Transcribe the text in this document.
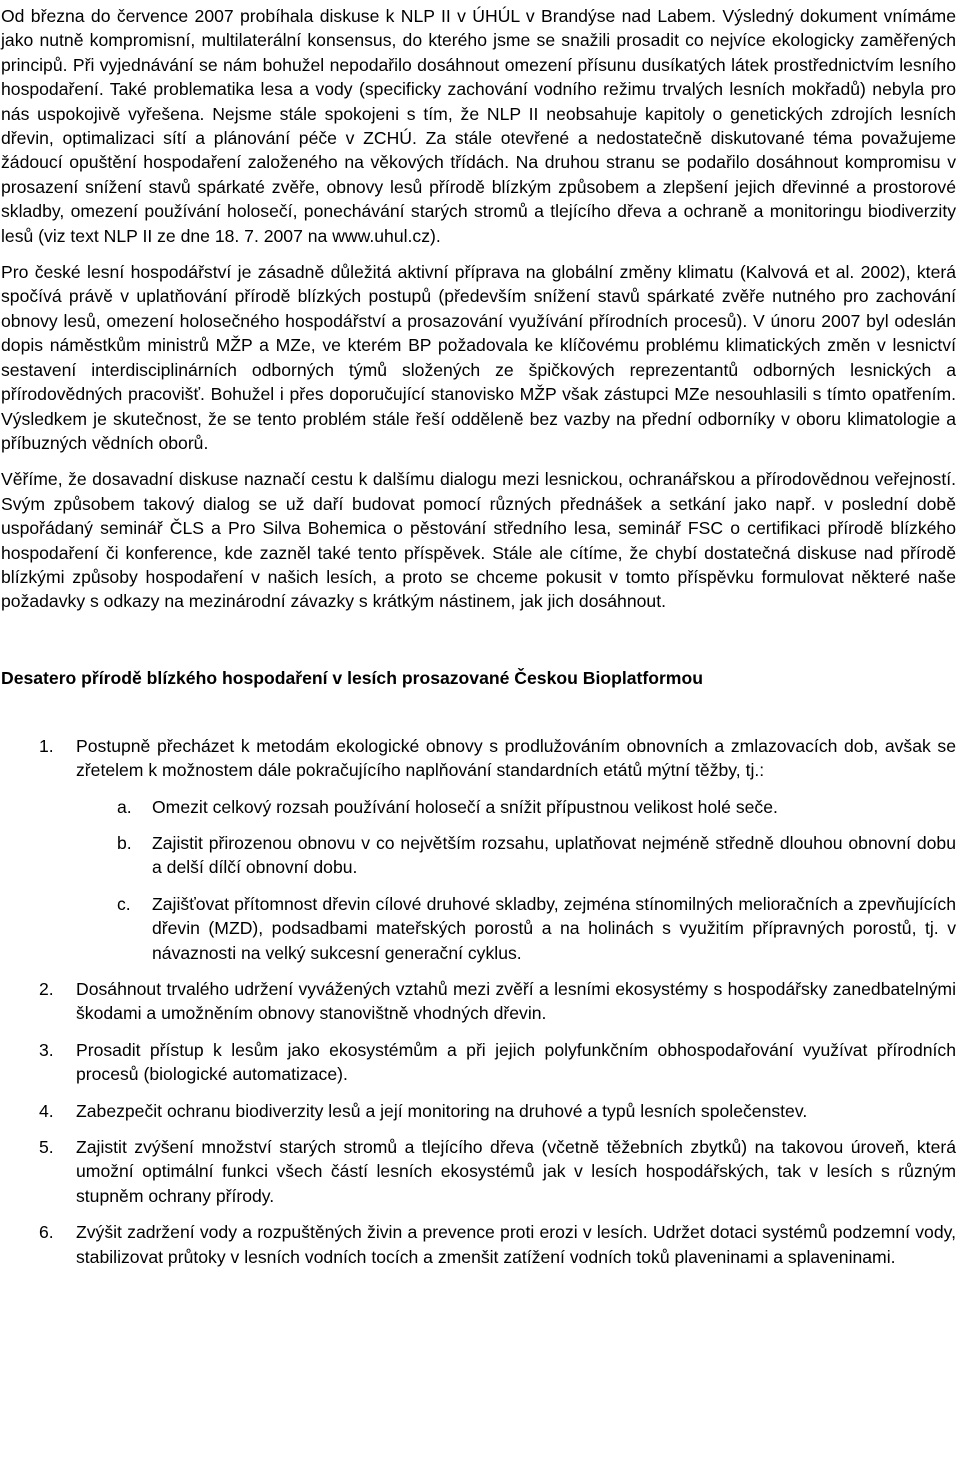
Od března do července 2007 probíhala diskuse k NLP II v ÚHÚL v Brandýse nad Labem. Výsledný dokument vnímáme jako nutně kompromisní, multilaterální konsensus, do kterého jsme se snažili prosadit co nejvíce ekologicky zaměřených principů. Při vyjednávání se nám bohužel nepodařilo dosáhnout omezení přísunu dusíkatých látek prostřednictvím lesního hospodaření. Také problematika lesa a vody (specificky zachování vodního režimu trvalých lesních mokřadů) nebyla pro nás uspokojivě vyřešena. Nejsme stále spokojeni s tím, že NLP II neobsahuje kapitoly o genetických zdrojích lesních dřevin, optimalizaci sítí a plánování péče v ZCHÚ. Za stále otevřené a nedostatečně diskutované téma považujeme žádoucí opuštění hospodaření založeného na věkových třídách. Na druhou stranu se podařilo dosáhnout kompromisu v prosazení snížení stavů spárkaté zvěře, obnovy lesů přírodě blízkým způsobem a zlepšení jejich dřevinné a prostorové skladby, omezení používání holosečí, ponechávání starých stromů a tlejícího dřeva a ochraně a monitoringu biodiverzity lesů (viz text NLP II ze dne 18. 7. 2007 na www.uhul.cz).

Pro české lesní hospodářství je zásadně důležitá aktivní příprava na globální změny klimatu (Kalvová et al. 2002), která spočívá právě v uplatňování přírodě blízkých postupů (především snížení stavů spárkaté zvěře nutného pro zachování obnovy lesů, omezení holosečného hospodářství a prosazování využívání přírodních procesů). V únoru 2007 byl odeslán dopis náměstkům ministrů MŽP a MZe, ve kterém BP požadovala ke klíčovému problému klimatických změn v lesnictví sestavení interdisciplinárních odborných týmů složených ze špičkových reprezentantů odborných lesnických a přírodovědných pracovišť. Bohužel i přes doporučující stanovisko MŽP však zástupci MZe nesouhlasili s tímto opatřením. Výsledkem je skutečnost, že se tento problém stále řeší odděleně bez vazby na přední odborníky v oboru klimatologie a příbuzných vědních oborů.

Věříme, že dosavadní diskuse naznačí cestu k dalšímu dialogu mezi lesnickou, ochranářskou a přírodovědnou veřejností. Svým způsobem takový dialog se už daří budovat pomocí různých přednášek a setkání jako např. v poslední době uspořádaný seminář ČLS a Pro Silva Bohemica o pěstování středního lesa, seminář FSC o certifikaci přírodě blízkého hospodaření či konference, kde zazněl také tento příspěvek. Stále ale cítíme, že chybí dostatečná diskuse nad přírodě blízkými způsoby hospodaření v našich lesích, a proto se chceme pokusit v tomto příspěvku formulovat některé naše požadavky s odkazy na mezinárodní závazky s krátkým nástinem, jak jich dosáhnout.

Desatero přírodě blízkého hospodaření v lesích prosazované Českou Bioplatformou
1.	Postupně přecházet k metodám ekologické obnovy s prodlužováním obnovních a zmlazovacích dob, avšak se zřetelem k možnostem dále pokračujícího naplňování standardních etátů mýtní těžby, tj.:
a.	Omezit celkový rozsah používání holosečí a snížit přípustnou velikost holé seče.
b.	Zajistit přirozenou obnovu v co největším rozsahu, uplatňovat nejméně středně dlouhou obnovní dobu a delší dílčí obnovní dobu.
c.	Zajišťovat přítomnost dřevin cílové druhové skladby, zejména stínomilných melioračních a zpevňujících dřevin (MZD), podsadbami mateřských porostů a na holinách s využitím přípravných porostů, tj. v návaznosti na velký sukcesní generační cyklus.
2.	Dosáhnout trvalého udržení vyvážených vztahů mezi zvěří a lesními ekosystémy s hospodářsky zanedbatelnými škodami a umožněním obnovy stanovištně vhodných dřevin.
3.	Prosadit přístup k lesům jako ekosystémům a při jejich polyfunkčním obhospodařování využívat přírodních procesů (biologické automatizace).
4.	Zabezpečit ochranu biodiverzity lesů a její monitoring na druhové a typů lesních společenstev.
5.	Zajistit zvýšení množství starých stromů a tlejícího dřeva (včetně těžebních zbytků) na takovou úroveň, která umožní optimální funkci všech částí lesních ekosystémů jak v lesích hospodářských, tak v lesích s různým stupněm ochrany přírody.
6.	Zvýšit zadržení vody a rozpuštěných živin a prevence proti erozi v lesích. Udržet dotaci systémů podzemní vody, stabilizovat průtoky v lesních vodních tocích a zmenšit zatížení vodních toků plaveninami a splaveninami.
